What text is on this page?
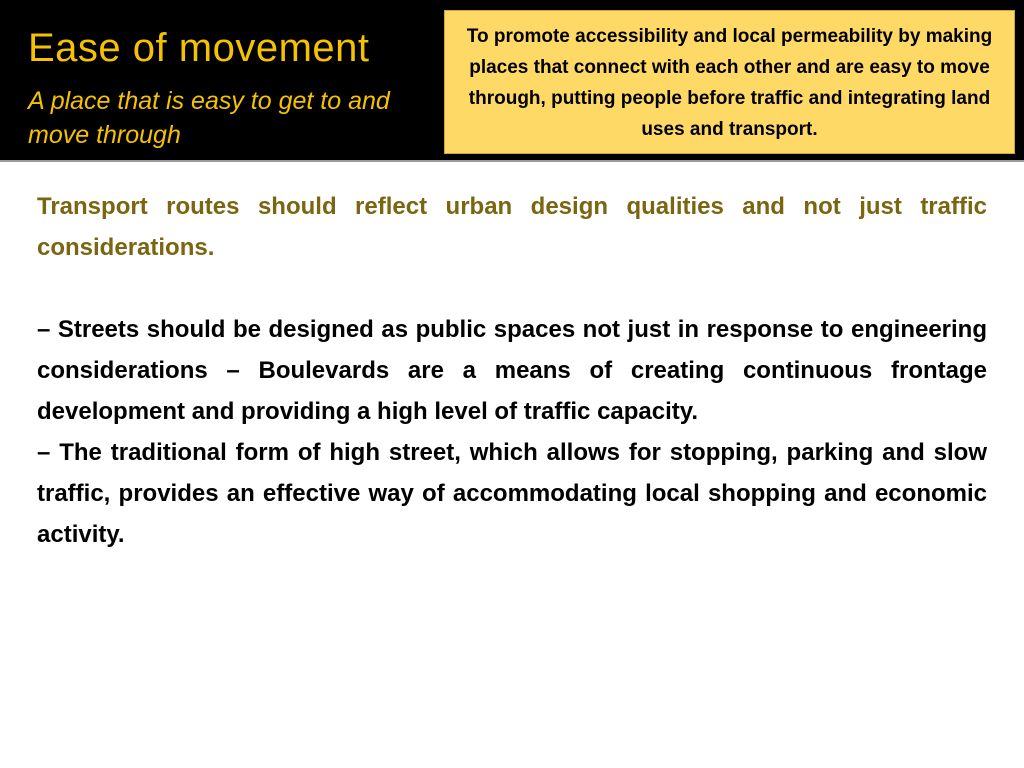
Ease of movement

A place that is easy to get to and move through

To promote accessibility and local permeability by making places that connect with each other and are easy to move through, putting people before traffic and integrating land uses and transport.

Transport routes should reflect urban design qualities and not just traffic considerations.

– Streets should be designed as public spaces not just in response to engineering considerations – Boulevards are a means of creating continuous frontage development and providing a high level of traffic capacity.

– The traditional form of high street, which allows for stopping, parking and slow traffic, provides an effective way of accommodating local shopping and economic activity.
